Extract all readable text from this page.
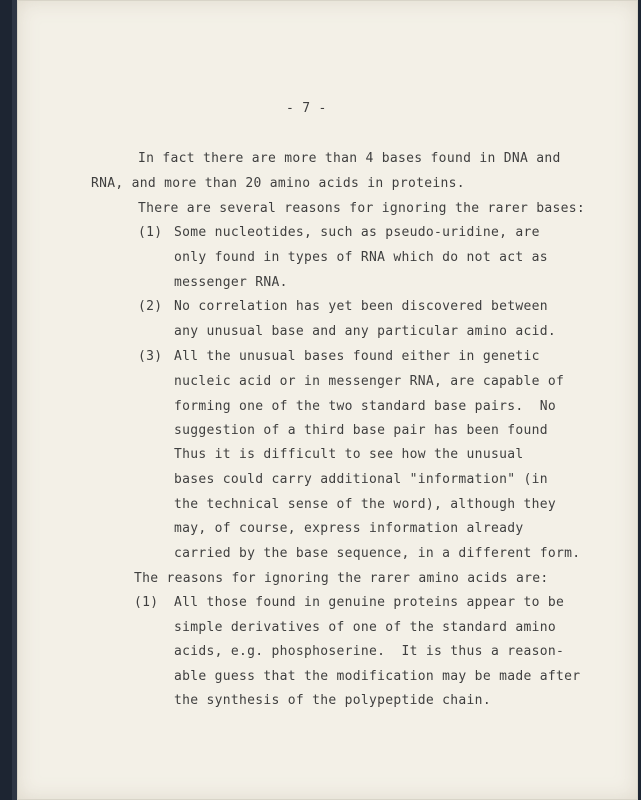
- 7 -
In fact there are more than 4 bases found in DNA and
RNA, and more than 20 amino acids in proteins.
There are several reasons for ignoring the rarer bases:
(1) Some nucleotides, such as pseudo-uridine, are
only found in types of RNA which do not act as
messenger RNA.
(2) No correlation has yet been discovered between
any unusual base and any particular amino acid.
(3) All the unusual bases found either in genetic
nucleic acid or in messenger RNA, are capable of
forming one of the two standard base pairs.  No
suggestion of a third base pair has been found
Thus it is difficult to see how the unusual
bases could carry additional "information" (in
the technical sense of the word), although they
may, of course, express information already
carried by the base sequence, in a different form.
The reasons for ignoring the rarer amino acids are:
(1) All those found in genuine proteins appear to be
simple derivatives of one of the standard amino
acids, e.g. phosphoserine.  It is thus a reason-
able guess that the modification may be made after
the synthesis of the polypeptide chain.
